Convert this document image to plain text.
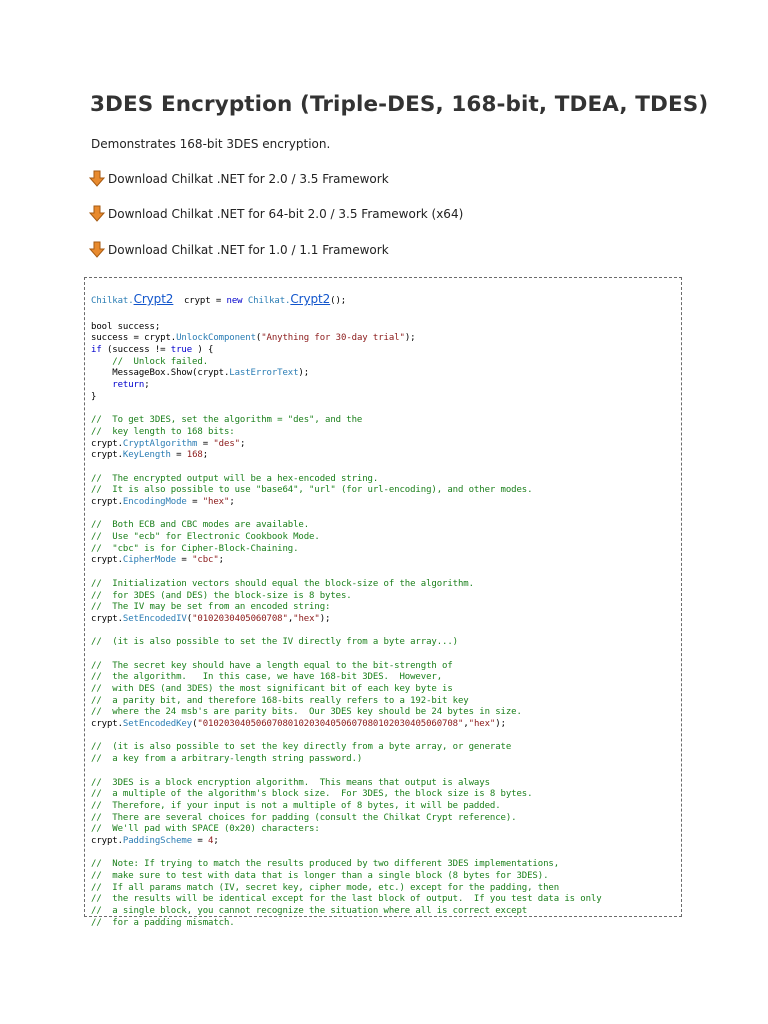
3DES Encryption (Triple-DES, 168-bit, TDEA, TDES)

Demonstrates 168-bit 3DES encryption.

Download Chilkat .NET for 2.0 / 3.5 Framework
Download Chilkat .NET for 64-bit 2.0 / 3.5 Framework (x64)
Download Chilkat .NET for 1.0 / 1.1 Framework
Chilkat.Crypt2  crypt = new Chilkat.Crypt2();
bool success;
success = crypt.UnlockComponent("Anything for 30-day trial");
if (success != true ) {
//  Unlock failed.
MessageBox.Show(crypt.LastErrorText);
return;
}
//  To get 3DES, set the algorithm = "des", and the
//  key length to 168 bits:
crypt.CryptAlgorithm = "des";
crypt.KeyLength = 168;
//  The encrypted output will be a hex-encoded string.
//  It is also possible to use "base64", "url" (for url-encoding), and other modes.
crypt.EncodingMode = "hex";
//  Both ECB and CBC modes are available.
//  Use "ecb" for Electronic Cookbook Mode.
//  "cbc" is for Cipher-Block-Chaining.
crypt.CipherMode = "cbc";
//  Initialization vectors should equal the block-size of the algorithm.
//  for 3DES (and DES) the block-size is 8 bytes.
//  The IV may be set from an encoded string:
crypt.SetEncodedIV("0102030405060708","hex");
//  (it is also possible to set the IV directly from a byte array...)
//  The secret key should have a length equal to the bit-strength of
//  the algorithm.   In this case, we have 168-bit 3DES.  However,
//  with DES (and 3DES) the most significant bit of each key byte is
//  a parity bit, and therefore 168-bits really refers to a 192-bit key
//  where the 24 msb's are parity bits.  Our 3DES key should be 24 bytes in size.
crypt.SetEncodedKey("010203040506070801020304050607080102030405060708","hex");
//  (it is also possible to set the key directly from a byte array, or generate
//  a key from a arbitrary-length string password.)
//  3DES is a block encryption algorithm.  This means that output is always
//  a multiple of the algorithm's block size.  For 3DES, the block size is 8 bytes.
//  Therefore, if your input is not a multiple of 8 bytes, it will be padded.
//  There are several choices for padding (consult the Chilkat Crypt reference).
//  We'll pad with SPACE (0x20) characters:
crypt.PaddingScheme = 4;
//  Note: If trying to match the results produced by two different 3DES implementations,
//  make sure to test with data that is longer than a single block (8 bytes for 3DES).
//  If all params match (IV, secret key, cipher mode, etc.) except for the padding, then
//  the results will be identical except for the last block of output.  If you test data is only
//  a single block, you cannot recognize the situation where all is correct except
//  for a padding mismatch.
